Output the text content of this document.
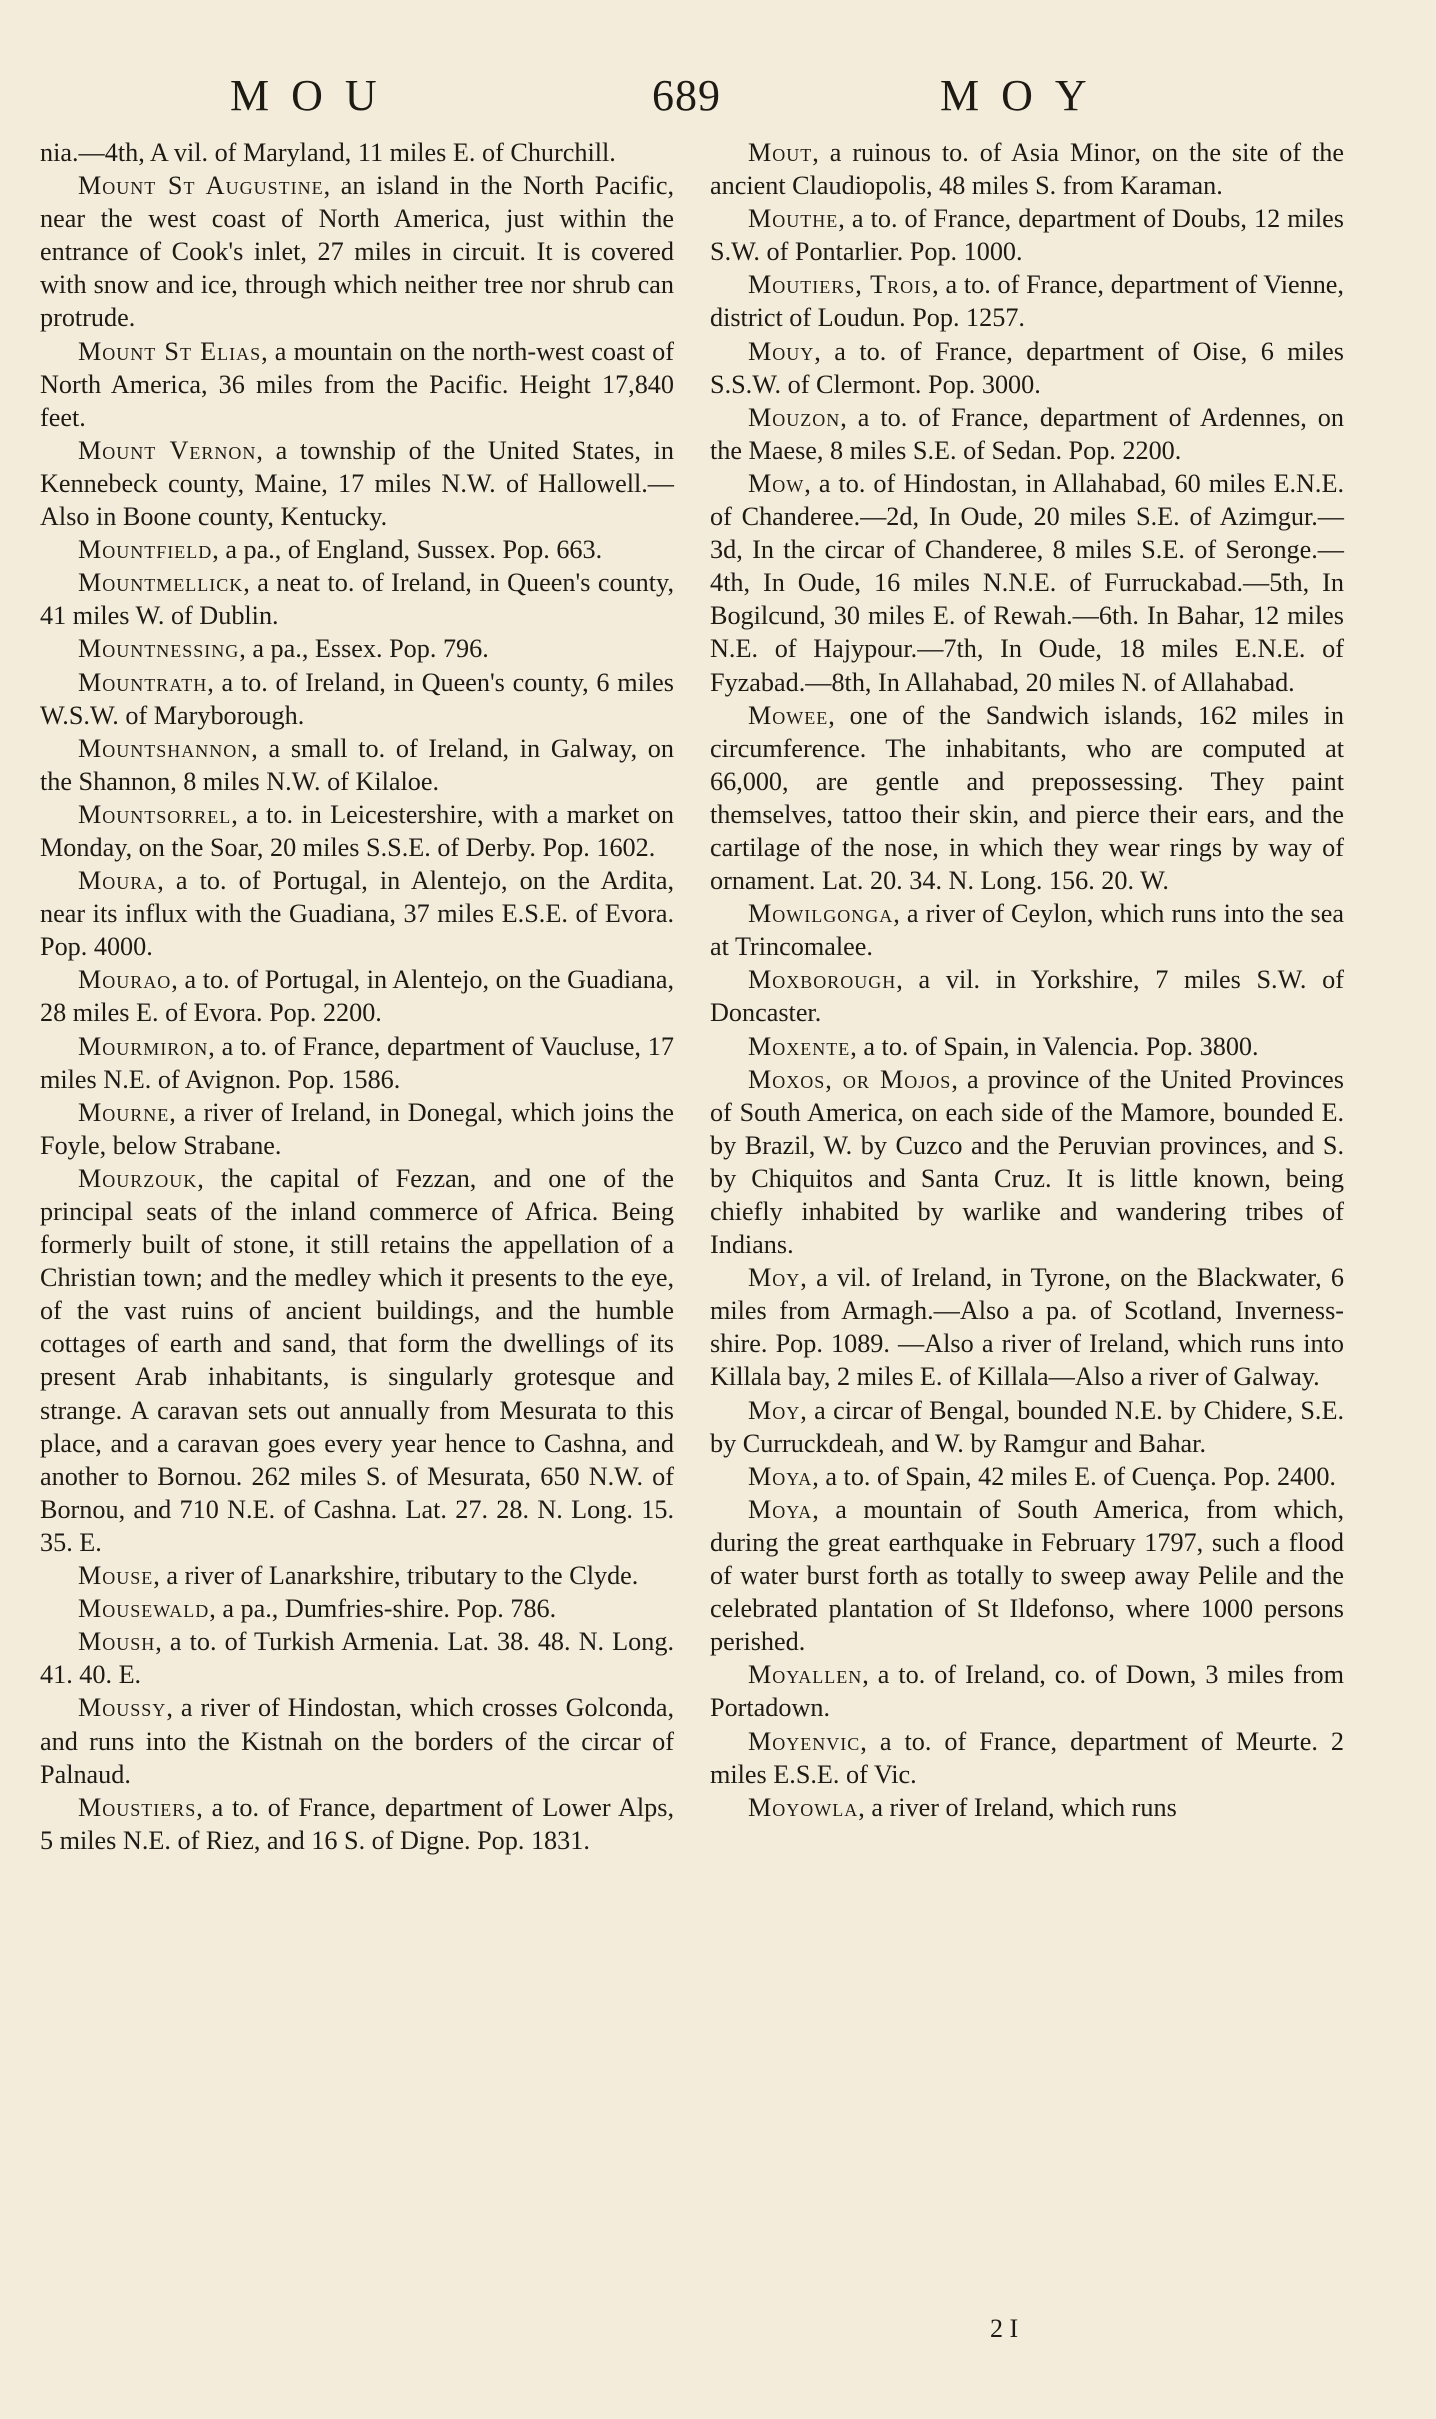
MOU	689	MOY

nia.—4th, A vil. of Maryland, 11 miles E. of Churchill.

Mount St Augustine, an island in the North Pacific, near the west coast of North America, just within the entrance of Cook's inlet, 27 miles in circuit. It is covered with snow and ice, through which neither tree nor shrub can protrude.

Mount St Elias, a mountain on the north-west coast of North America, 36 miles from the Pacific. Height 17,840 feet.

Mount Vernon, a township of the United States, in Kennebeck county, Maine, 17 miles N.W. of Hallowell.—Also in Boone county, Kentucky.

Mountfield, a pa., of England, Sussex. Pop. 663.

Mountmellick, a neat to. of Ireland, in Queen's county, 41 miles W. of Dublin.

Mountnessing, a pa., Essex. Pop. 796.

Mountrath, a to. of Ireland, in Queen's county, 6 miles W.S.W. of Maryborough.

Mountshannon, a small to. of Ireland, in Galway, on the Shannon, 8 miles N.W. of Kilaloe.

Mountsorrel, a to. in Leicestershire, with a market on Monday, on the Soar, 20 miles S.S.E. of Derby. Pop. 1602.

Moura, a to. of Portugal, in Alentejo, on the Ardita, near its influx with the Guadiana, 37 miles E.S.E. of Evora. Pop. 4000.

Mourao, a to. of Portugal, in Alentejo, on the Guadiana, 28 miles E. of Evora. Pop. 2200.

Mourmiron, a to. of France, department of Vaucluse, 17 miles N.E. of Avignon. Pop. 1586.

Mourne, a river of Ireland, in Donegal, which joins the Foyle, below Strabane.

Mourzouk, the capital of Fezzan, and one of the principal seats of the inland commerce of Africa. Being formerly built of stone, it still retains the appellation of a Christian town; and the medley which it presents to the eye, of the vast ruins of ancient buildings, and the humble cottages of earth and sand, that form the dwellings of its present Arab inhabitants, is singularly grotesque and strange. A caravan sets out annually from Mesurata to this place, and a caravan goes every year hence to Cashna, and another to Bornou. 262 miles S. of Mesurata, 650 N.W. of Bornou, and 710 N.E. of Cashna. Lat. 27. 28. N. Long. 15. 35. E.

Mouse, a river of Lanarkshire, tributary to the Clyde.

Mousewald, a pa., Dumfries-shire. Pop. 786.

Moush, a to. of Turkish Armenia. Lat. 38. 48. N. Long. 41. 40. E.

Moussy, a river of Hindostan, which crosses Golconda, and runs into the Kistnah on the borders of the circar of Palnaud.

Moustiers, a to. of France, department of Lower Alps, 5 miles N.E. of Riez, and 16 S. of Digne. Pop. 1831.

Mout, a ruinous to. of Asia Minor, on the site of the ancient Claudiopolis, 48 miles S. from Karaman.

Mouthe, a to. of France, department of Doubs, 12 miles S.W. of Pontarlier. Pop. 1000.

Moutiers, Trois, a to. of France, department of Vienne, district of Loudun. Pop. 1257.

Mouy, a to. of France, department of Oise, 6 miles S.S.W. of Clermont. Pop. 3000.

Mouzon, a to. of France, department of Ardennes, on the Maese, 8 miles S.E. of Sedan. Pop. 2200.

Mow, a to. of Hindostan, in Allahabad, 60 miles E.N.E. of Chanderee.—2d, In Oude, 20 miles S.E. of Azimgur.—3d, In the circar of Chanderee, 8 miles S.E. of Seronge.—4th, In Oude, 16 miles N.N.E. of Furruckabad.—5th, In Bogilcund, 30 miles E. of Rewah.—6th. In Bahar, 12 miles N.E. of Hajypour.—7th, In Oude, 18 miles E.N.E. of Fyzabad.—8th, In Allahabad, 20 miles N. of Allahabad.

Mowee, one of the Sandwich islands, 162 miles in circumference. The inhabitants, who are computed at 66,000, are gentle and prepossessing. They paint themselves, tattoo their skin, and pierce their ears, and the cartilage of the nose, in which they wear rings by way of ornament. Lat. 20. 34. N. Long. 156. 20. W.

Mowilgonga, a river of Ceylon, which runs into the sea at Trincomalee.

Moxborough, a vil. in Yorkshire, 7 miles S.W. of Doncaster.

Moxente, a to. of Spain, in Valencia. Pop. 3800.

Moxos, or Mojos, a province of the United Provinces of South America, on each side of the Mamore, bounded E. by Brazil, W. by Cuzco and the Peruvian provinces, and S. by Chiquitos and Santa Cruz. It is little known, being chiefly inhabited by warlike and wandering tribes of Indians.

Moy, a vil. of Ireland, in Tyrone, on the Blackwater, 6 miles from Armagh.—Also a pa. of Scotland, Inverness-shire. Pop. 1089. —Also a river of Ireland, which runs into Killala bay, 2 miles E. of Killala—Also a river of Galway.

Moy, a circar of Bengal, bounded N.E. by Chidere, S.E. by Curruckdeah, and W. by Ramgur and Bahar.

Moya, a to. of Spain, 42 miles E. of Cuença. Pop. 2400.

Moya, a mountain of South America, from which, during the great earthquake in February 1797, such a flood of water burst forth as totally to sweep away Pelile and the celebrated plantation of St Ildefonso, where 1000 persons perished.

Moyallen, a to. of Ireland, co. of Down, 3 miles from Portadown.

Moyenvic, a to. of France, department of Meurte. 2 miles E.S.E. of Vic.

Moyowla, a river of Ireland, which runs

2 I
